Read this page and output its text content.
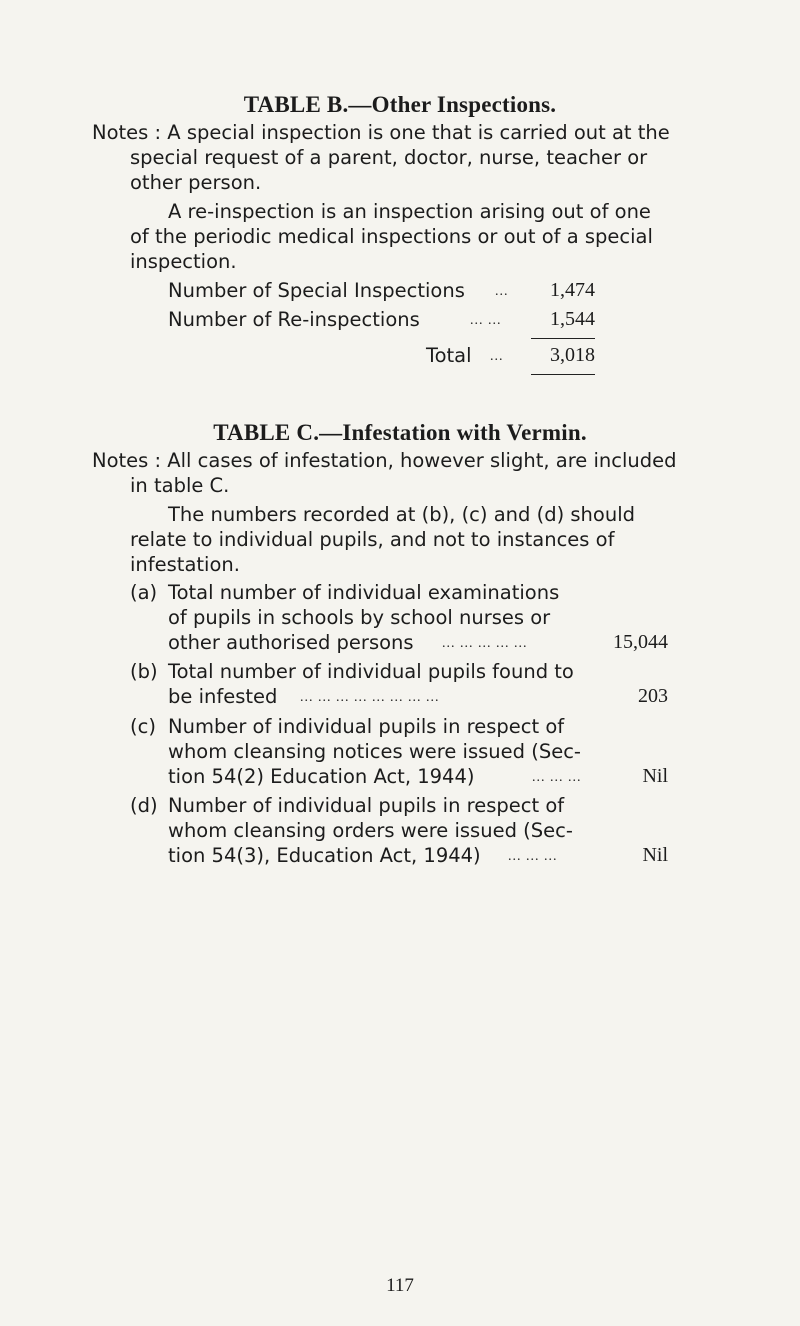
TABLE B.—Other Inspections.
Notes : A special inspection is one that is carried out at the
special request of a parent, doctor, nurse, teacher or
other person.
A re-inspection is an inspection arising out of one
of the periodic medical inspections or out of a special
inspection.
Number of Special Inspections ...	1,474
Number of Re-inspections	... ...	1,544
Total ...	3,018
TABLE C.—Infestation with Vermin.
Notes : All cases of infestation, however slight, are included
in table C.
The numbers recorded at (b), (c) and (d) should
relate to individual pupils, and not to instances of
infestation.
(a) Total number of individual examinations
of pupils in schools by school nurses or
other authorised persons ... ... ... ... ...	15,044
(b) Total number of individual pupils found to
be infested ... ... ... ... ... ... ... ...	203
(c) Number of individual pupils in respect of
whom cleansing notices were issued (Sec-
tion 54(2) Education Act, 1944)	... ... ...	Nil
(d) Number of individual pupils in respect of
whom cleansing orders were issued (Sec-
tion 54(3), Education Act, 1944) ... ... ...	Nil
117
